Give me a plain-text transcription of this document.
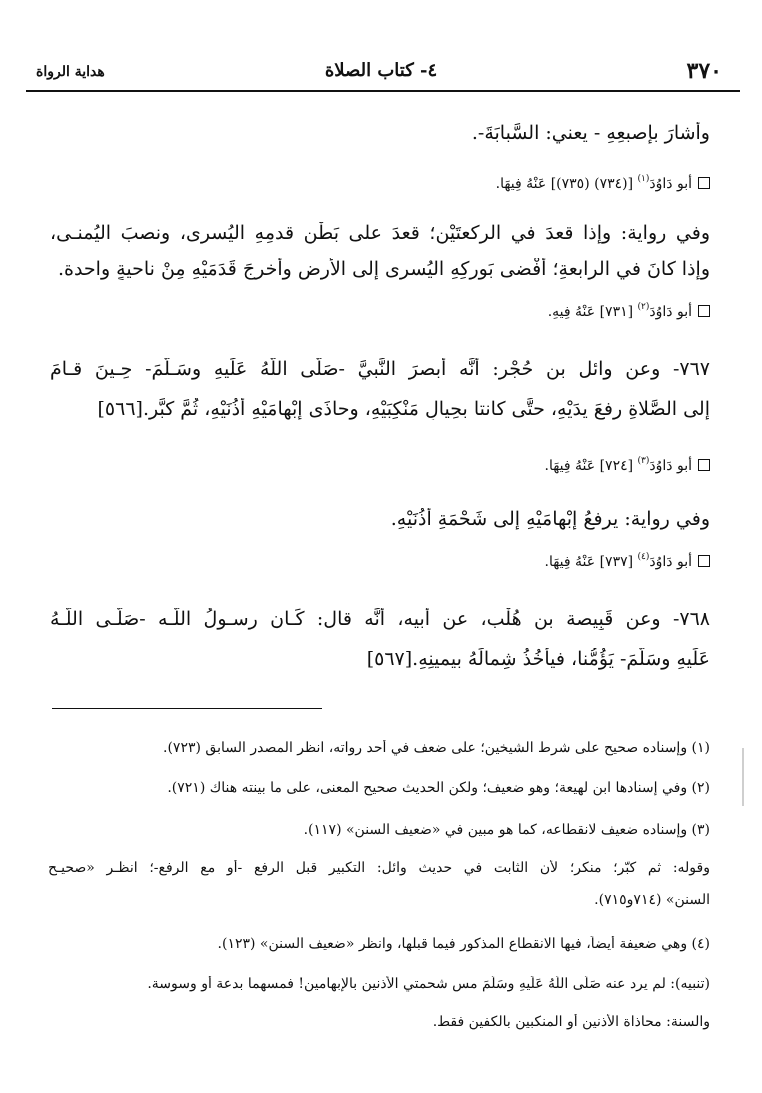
٣٧٠
٤- كتاب الصلاة
هداية الرواة
وأشارَ بإصبعِهِ - يعني: السَّبابَةَ-.
أبو دَاوُدَ$^{(١)}$ [(٧٣٤) (٧٣٥)] عَنْهُ فِيهَا.
وفي رواية: وإذا قعدَ في الركعتَيْنِ؛ قعدَ على بَطْنِ قدمِهِ اليُسرى، ونصبَ اليُمنـى،
وإذا كانَ في الرابعةِ؛ أَفْضى بَورِكِهِ اليُسرى إلى الأرضِ وأخرجَ قَدَمَيْهِ مِنْ ناحيةٍ واحدة.
أبو دَاوُدَ$^{(٢)}$ [٧٣١] عَنْهُ فِيهِ.
٧٦٧- وعن وائل بن حُجْر: أنَّه أبصرَ النَّبيَّ -صَلَّى اللَّهُ عَلَيهِ وسَـلَّمَ- حِـينَ قـامَ
إلى الصَّلاةِ رفعَ يدَيْهِ، حتَّى كانتا بحِيالِ مَنْكِبَيْهِ، وحاذَى إبْهامَيْهِ أُذُنَيْهِ، ثُمَّ كبَّر.[٥٦٦]
أبو دَاوُدَ$^{(٣)}$ [٧٢٤] عَنْهُ فِيهَا.
وفي رواية: يرفعُ إبْهامَيْهِ إلى شَحْمَةِ أُذُنَيْهِ.
أبو دَاوُدَ$^{(٤)}$ [٧٣٧] عَنْهُ فِيهَا.
٧٦٨- وعن قَبِيصة بن هُلْب، عن أبيه، أنَّه قال: كَـان رسـولُ اللّـه -صَلَّـى اللَّـهُ
عَلَيهِ وسَلَّمَ- يَؤُمُّنا، فيأخُذُ شِمالَهُ بيمينِهِ.[٥٦٧]
(١) وإسناده صحيح على شرط الشيخين؛ على ضعف في أحد رواته، انظر المصدر السابق (٧٢٣).
(٢) وفي إسنادها ابن لهيعة؛ وهو ضعيف؛ ولكن الحديث صحيح المعنى، على ما بينته هناك (٧٢١).
(٣) وإسناده ضعيف لانقطاعه، كما هو مبين في «ضعيف السنن» (١١٧).
وقوله: ثم كبّر؛ منكر؛ لأن الثابت في حديث وائل: التكبير قبل الرفع -أو مع الرفع-؛ انظـر «صحيـح
السنن» (٧١٤و٧١٥).
(٤) وهي ضعيفة أيضاً، فيها الانقطاع المذكور فيما قبلها، وانظر «ضعيف السنن» (١٢٣).
(تنبيه): لم يرد عنه صَلَّى اللَّهُ عَلَيهِ وسَلَّمَ مس شحمتي الأذنين بالإبهامين! فمسهما بدعة أو وسوسة.
والسنة: محاذاة الأذنين أو المنكبين بالكفين فقط.
